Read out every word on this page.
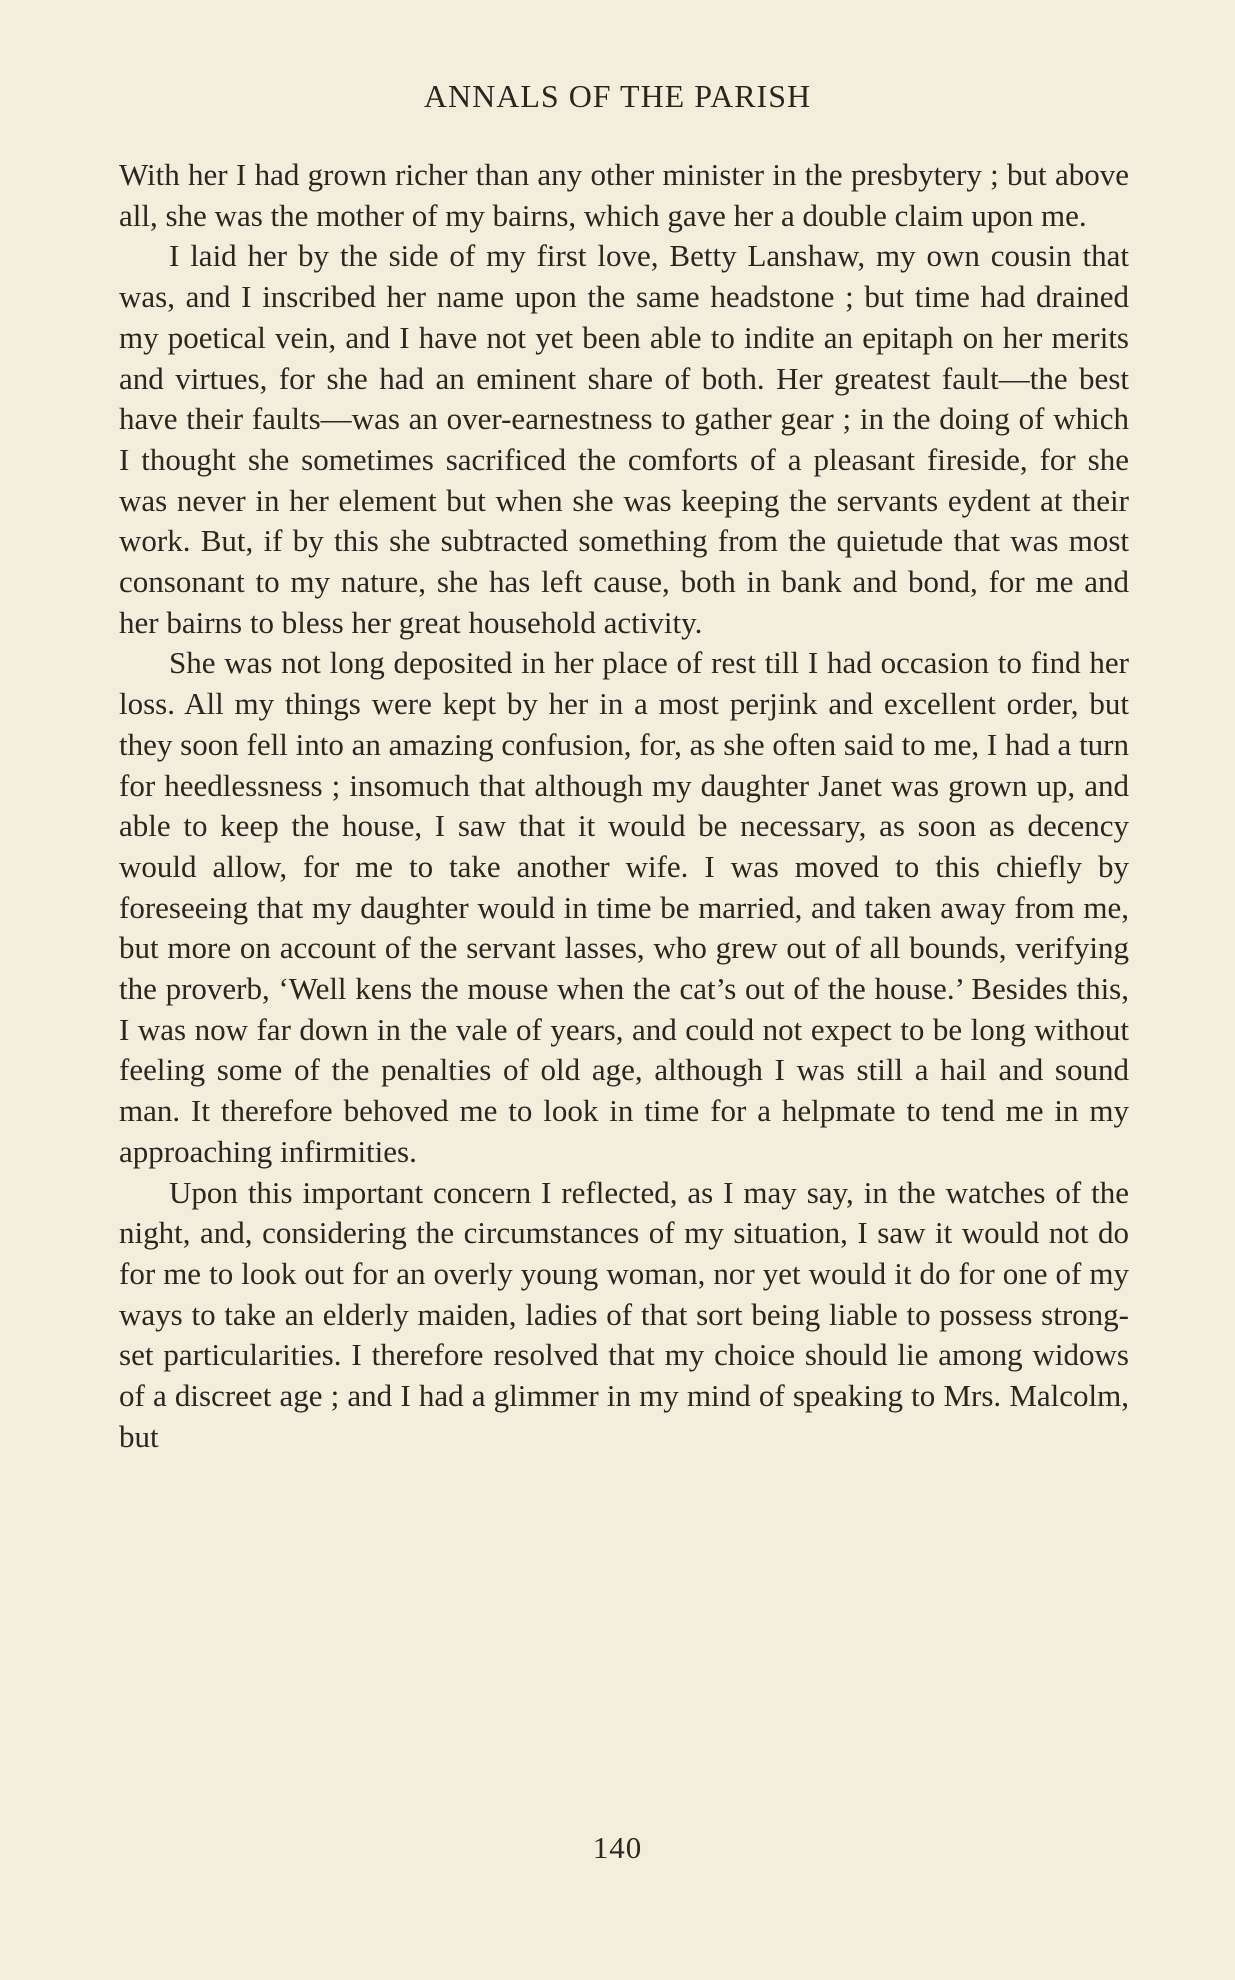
ANNALS OF THE PARISH

With her I had grown richer than any other minister in the presbytery ; but above all, she was the mother of my bairns, which gave her a double claim upon me.

I laid her by the side of my first love, Betty Lanshaw, my own cousin that was, and I inscribed her name upon the same headstone ; but time had drained my poetical vein, and I have not yet been able to indite an epitaph on her merits and virtues, for she had an eminent share of both. Her greatest fault—the best have their faults—was an over-earnestness to gather gear ; in the doing of which I thought she sometimes sacrificed the comforts of a pleasant fireside, for she was never in her element but when she was keeping the servants eydent at their work. But, if by this she subtracted something from the quietude that was most consonant to my nature, she has left cause, both in bank and bond, for me and her bairns to bless her great household activity.

She was not long deposited in her place of rest till I had occasion to find her loss. All my things were kept by her in a most perjink and excellent order, but they soon fell into an amazing confusion, for, as she often said to me, I had a turn for heedlessness ; insomuch that although my daughter Janet was grown up, and able to keep the house, I saw that it would be necessary, as soon as decency would allow, for me to take another wife. I was moved to this chiefly by foreseeing that my daughter would in time be married, and taken away from me, but more on account of the servant lasses, who grew out of all bounds, verifying the proverb, ‘Well kens the mouse when the cat’s out of the house.’ Besides this, I was now far down in the vale of years, and could not expect to be long without feeling some of the penalties of old age, although I was still a hail and sound man. It therefore behoved me to look in time for a helpmate to tend me in my approaching infirmities.

Upon this important concern I reflected, as I may say, in the watches of the night, and, considering the circumstances of my situation, I saw it would not do for me to look out for an overly young woman, nor yet would it do for one of my ways to take an elderly maiden, ladies of that sort being liable to possess strong-set particularities. I therefore resolved that my choice should lie among widows of a discreet age ; and I had a glimmer in my mind of speaking to Mrs. Malcolm, but

140
